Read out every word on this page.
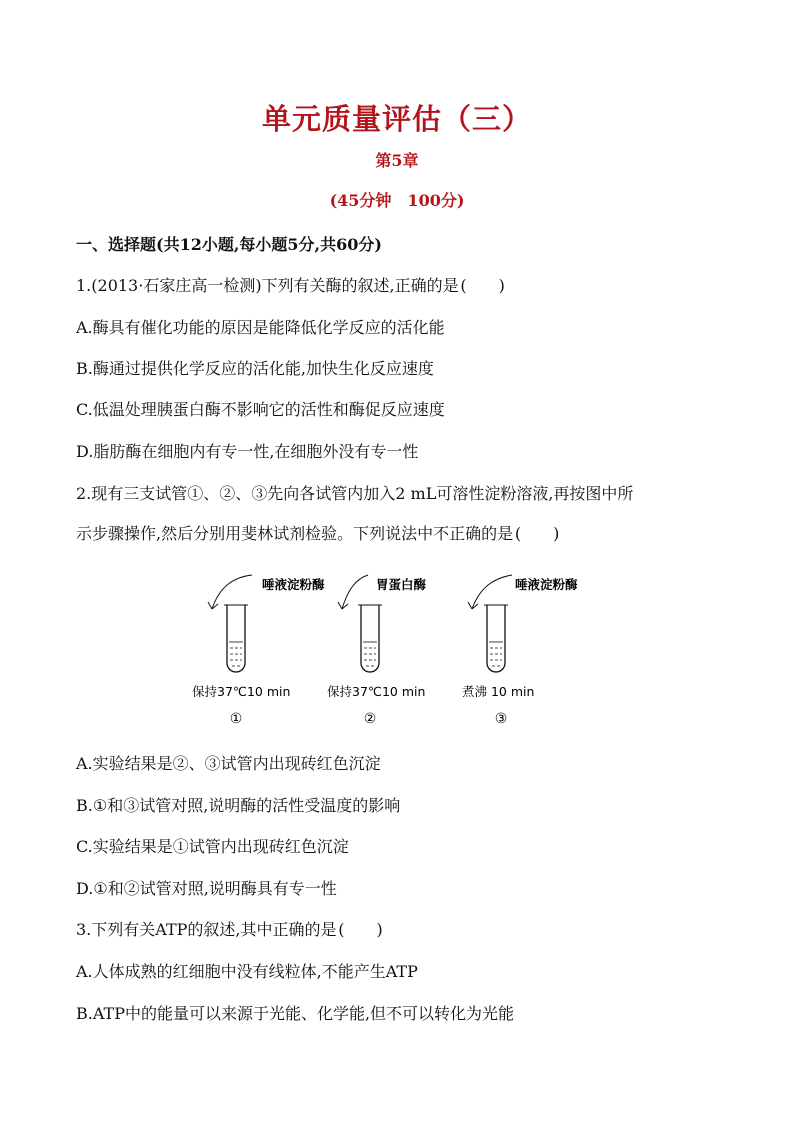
单元质量评估（三）
第5章
(45分钟　100分)
一、选择题(共12小题,每小题5分,共60分)
1.(2013·石家庄高一检测)下列有关酶的叙述,正确的是 (　　)
A.酶具有催化功能的原因是能降低化学反应的活化能
B.酶通过提供化学反应的活化能,加快生化反应速度
C.低温处理胰蛋白酶不影响它的活性和酶促反应速度
D.脂肪酶在细胞内有专一性,在细胞外没有专一性
2.现有三支试管①、②、③先向各试管内加入2 mL可溶性淀粉溶液,再按图中所
示步骤操作,然后分别用斐林试剂检验。下列说法中不正确的是 (　　)
唾液淀粉酶
保持37℃10 min
①
胃蛋白酶
保持37℃10 min
②
唾液淀粉酶
煮沸 10 min
③
A.实验结果是②、③试管内出现砖红色沉淀
B.①和③试管对照,说明酶的活性受温度的影响
C.实验结果是①试管内出现砖红色沉淀
D.①和②试管对照,说明酶具有专一性
3.下列有关ATP的叙述,其中正确的是 (　　)
A.人体成熟的红细胞中没有线粒体,不能产生ATP
B.ATP中的能量可以来源于光能、化学能,但不可以转化为光能
